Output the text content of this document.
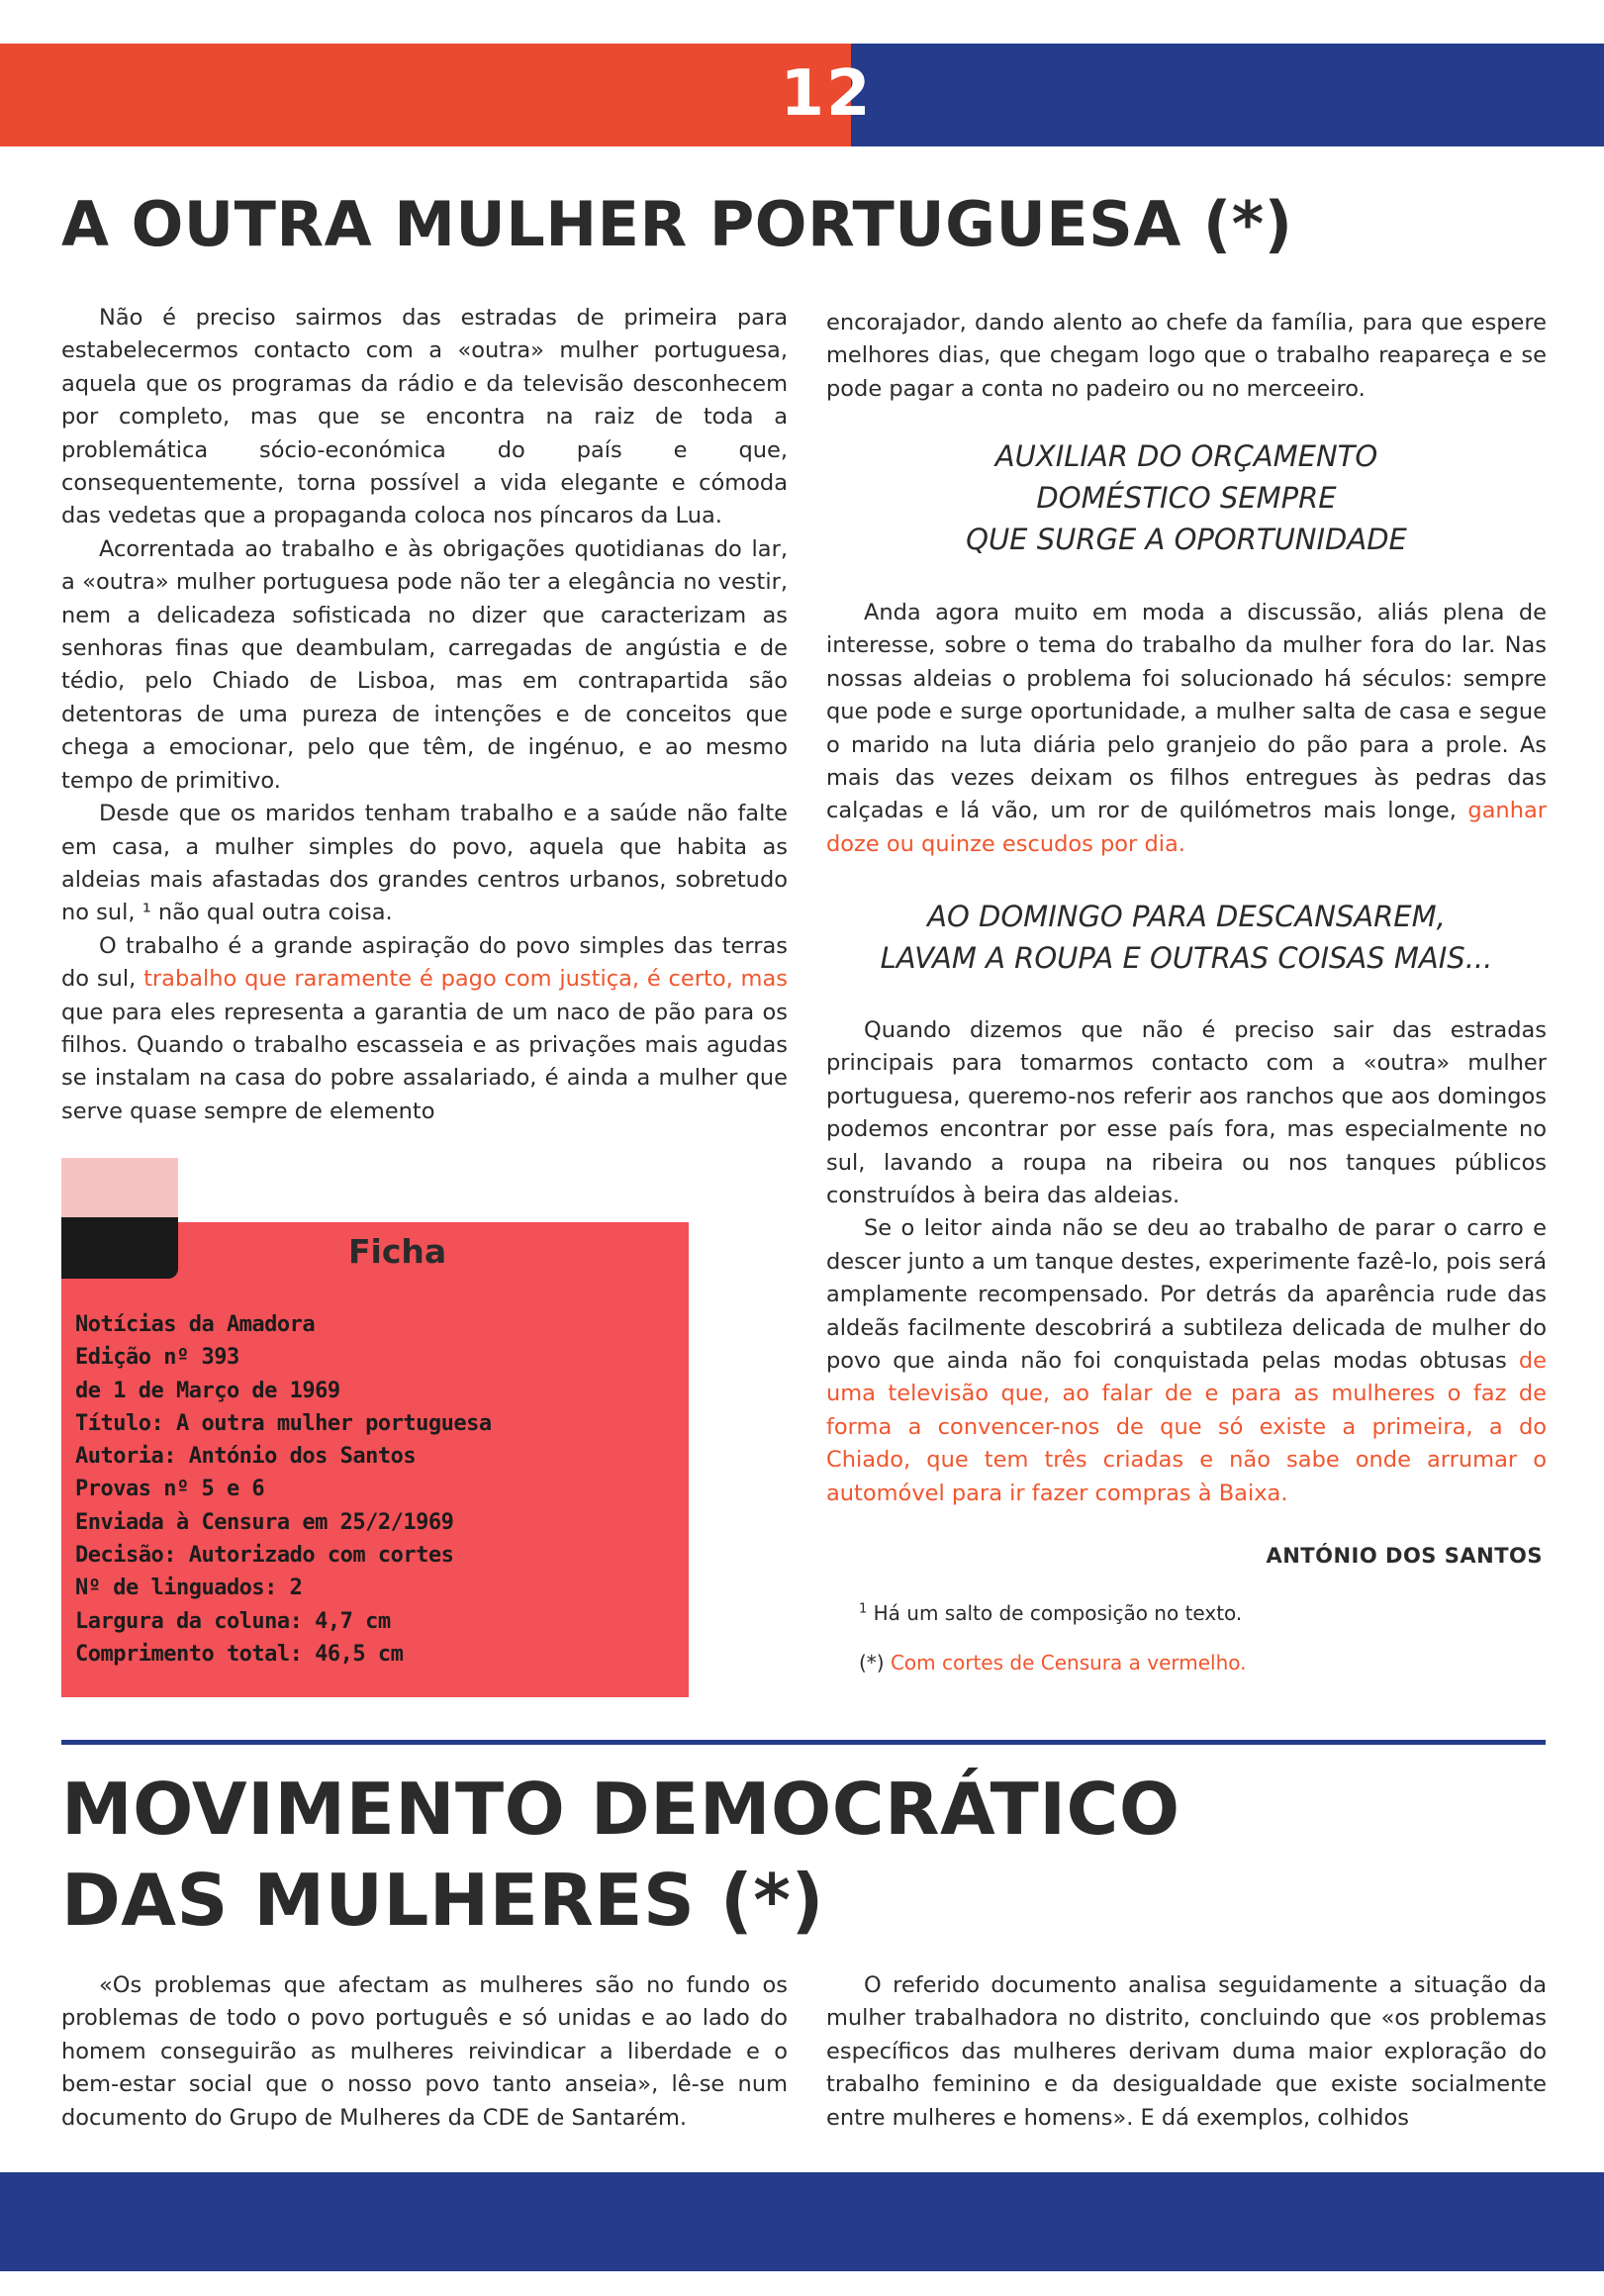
12
A OUTRA MULHER PORTUGUESA (*)

Não é preciso sairmos das estradas de primeira para estabelecermos contacto com a «outra» mulher portuguesa, aquela que os programas da rádio e da televisão desconhecem por completo, mas que se encontra na raiz de toda a problemática sócio-económica do país e que, consequentemente, torna possível a vida elegante e cómoda das vedetas que a propaganda coloca nos píncaros da Lua.

Acorrentada ao trabalho e às obrigações quotidianas do lar, a «outra» mulher portuguesa pode não ter a elegância no vestir, nem a delicadeza sofisticada no dizer que caracterizam as senhoras finas que deambulam, carregadas de angústia e de tédio, pelo Chiado de Lisboa, mas em contrapartida são detentoras de uma pureza de intenções e de conceitos que chega a emocionar, pelo que têm, de ingénuo, e ao mesmo tempo de primitivo.

Desde que os maridos tenham trabalho e a saúde não falte em casa, a mulher simples do povo, aquela que habita as aldeias mais afastadas dos grandes centros urbanos, sobretudo no sul, ¹ não qual outra coisa.

O trabalho é a grande aspiração do povo simples das terras do sul, trabalho que raramente é pago com justiça, é certo, mas que para eles representa a garantia de um naco de pão para os filhos. Quando o trabalho escasseia e as privações mais agudas se instalam na casa do pobre assalariado, é ainda a mulher que serve quase sempre de elemento

encorajador, dando alento ao chefe da família, para que espere melhores dias, que chegam logo que o trabalho reapareça e se pode pagar a conta no padeiro ou no merceeiro.

AUXILIAR DO ORÇAMENTO
DOMÉSTICO SEMPRE
QUE SURGE A OPORTUNIDADE

Anda agora muito em moda a discussão, aliás plena de interesse, sobre o tema do trabalho da mulher fora do lar. Nas nossas aldeias o problema foi solucionado há séculos: sempre que pode e surge oportunidade, a mulher salta de casa e segue o marido na luta diária pelo granjeio do pão para a prole. As mais das vezes deixam os filhos entregues às pedras das calçadas e lá vão, um ror de quilómetros mais longe, ganhar doze ou quinze escudos por dia.

AO DOMINGO PARA DESCANSAREM,
LAVAM A ROUPA E OUTRAS COISAS MAIS...

Quando dizemos que não é preciso sair das estradas principais para tomarmos contacto com a «outra» mulher portuguesa, queremo-nos referir aos ranchos que aos domingos podemos encontrar por esse país fora, mas especialmente no sul, lavando a roupa na ribeira ou nos tanques públicos construídos à beira das aldeias.

Se o leitor ainda não se deu ao trabalho de parar o carro e descer junto a um tanque destes, experimente fazê-lo, pois será amplamente recompensado. Por detrás da aparência rude das aldeãs facilmente descobrirá a subtileza delicada de mulher do povo que ainda não foi conquistada pelas modas obtusas de uma televisão que, ao falar de e para as mulheres o faz de forma a convencer-nos de que só existe a primeira, a do Chiado, que tem três criadas e não sabe onde arrumar o automóvel para ir fazer compras à Baixa.

ANTÓNIO DOS SANTOS
$^1$ Há um salto de composição no texto.
(*) Com cortes de Censura a vermelho.
Ficha
Notícias da Amadora
Edição nº 393
de 1 de Março de 1969
Título: A outra mulher portuguesa
Autoria: António dos Santos
Provas nº 5 e 6
Enviada à Censura em 25/2/1969
Decisão: Autorizado com cortes
Nº de linguados: 2
Largura da coluna: 4,7 cm
Comprimento total: 46,5 cm
MOVIMENTO DEMOCRÁTICO
DAS MULHERES (*)

«Os problemas que afectam as mulheres são no fundo os problemas de todo o povo português e só unidas e ao lado do homem conseguirão as mulheres reivindicar a liberdade e o bem-estar social que o nosso povo tanto anseia», lê-se num documento do Grupo de Mulheres da CDE de Santarém.

O referido documento analisa seguidamente a situação da mulher trabalhadora no distrito, concluindo que «os problemas específicos das mulheres derivam duma maior exploração do trabalho feminino e da desigualdade que existe socialmente entre mulheres e homens». E dá exemplos, colhidos
